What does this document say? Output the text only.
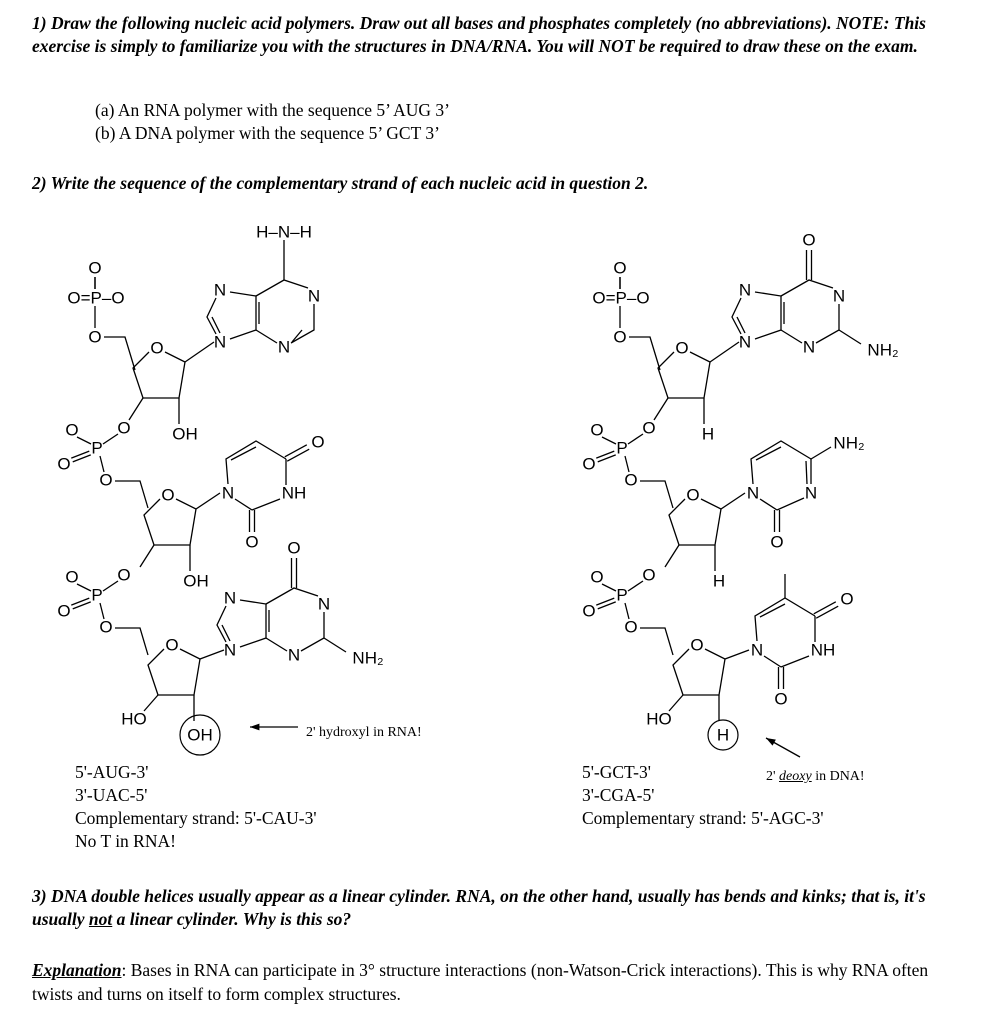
1) Draw the following nucleic acid polymers. Draw out all bases and phosphates completely (no abbreviations). NOTE: This exercise is simply to familiarize you with the structures in DNA/RNA. You will NOT be required to draw these on the exam.
(a) An RNA polymer with the sequence 5’ AUG 3’
(b) A DNA polymer with the sequence 5’ GCT 3’
2) Write the sequence of the complementary strand of each nucleic acid in question 2.
O
O=P–O
O
O	N
N
N
N
H–N–H
OH
O O
P
O
O
O	N
O
NH
O
OH
O O
P
O
O
O	N
N
N
N
O
NH₂
HO
OH
O
O=P–O
O
O	N
N
N
N
O
NH₂
H
O O
P
O
O
O	N
O
N
NH₂
H
O O
P
O
O
O	N
O
NH
O
HO
H
2' hydroxyl in RNA!
2' deoxy in DNA!
5'-AUG-3'
3'-UAC-5'
Complementary strand: 5'-CAU-3'
No T in RNA!
5'-GCT-3'
3'-CGA-5'
Complementary strand: 5'-AGC-3'
3) DNA double helices usually appear as a linear cylinder. RNA, on the other hand, usually has bends and kinks; that is, it's usually not a linear cylinder. Why is this so?
Explanation: Bases in RNA can participate in 3° structure interactions (non-Watson-Crick interactions). This is why RNA often twists and turns on itself to form complex structures.
